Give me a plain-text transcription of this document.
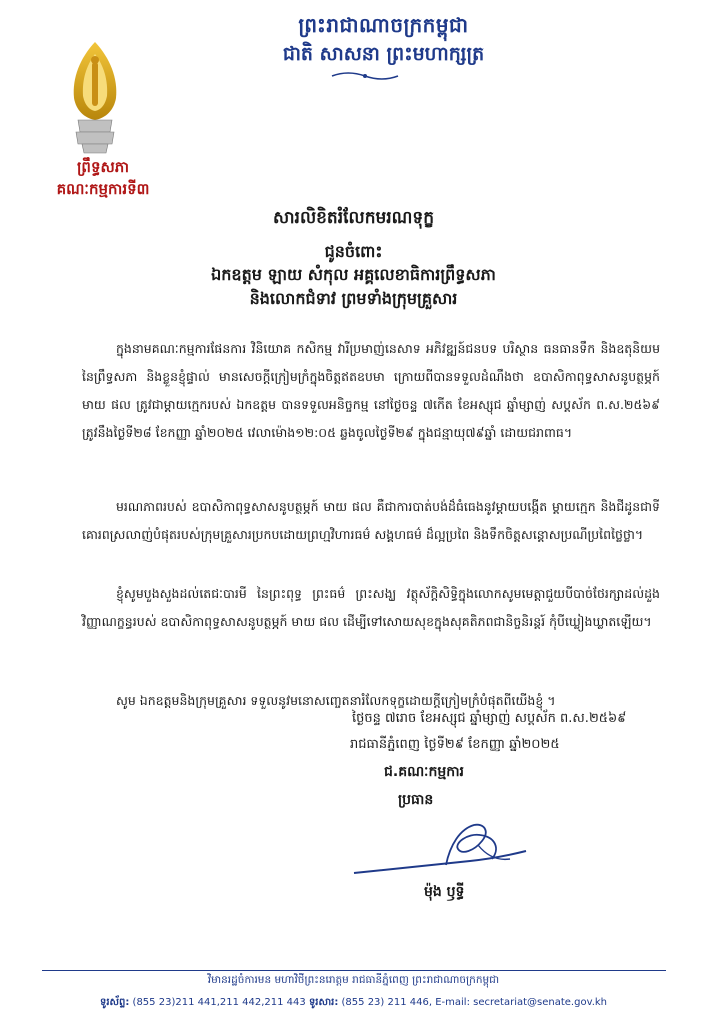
ព្រះរាជាណាចក្រកម្ពុជា
ជាតិ សាសនា ព្រះមហាក្សត្រ
ព្រឹទ្ធសភា
គណៈកម្មការទី៣
សារលិខិតរំលែកមរណទុក្ខ
ជូនចំពោះ
ឯកឧត្តម ឡាយ សំកុល អគ្គលេខាធិការព្រឹទ្ធសភា
និងលោកជំទាវ ព្រមទាំងក្រុមគ្រួសារ

ក្នុងនាមគណៈកម្មការផែនការ វិនិយោគ កសិកម្ម វារីប្រមាញ់នេសាទ អភិវឌ្ឍន៍ជនបទ បរិស្ថាន ធនធានទឹក និងឧតុនិយម នៃព្រឹទ្ធសភា និងខ្លួនខ្ញុំផ្ទាល់ មានសេចក្តីក្រៀមក្រំក្នុងចិត្តឥតឧបមា ក្រោយពីបានទទួលដំណឹងថា ឧបាសិកាពុទ្ធសាសនូបត្ថម្ភក៍ មាយ ផល ត្រូវជាម្តាយក្មេករបស់ ឯកឧត្តម បានទទួលអនិច្ចកម្ម នៅថ្ងៃចន្ទ ៧កើត ខែអស្សុជ ឆ្នាំម្សាញ់ សប្តស័ក ព.ស.២៥៦៩ ត្រូវនឹងថ្ងៃទី២៨ ខែកញ្ញា ឆ្នាំ២០២៥ វេលាម៉ោង១២:០៥ ឆ្លងចូលថ្ងៃទី២៩ ក្នុងជន្មាយុ៧៩ឆ្នាំ ដោយជរាពាធ។

មរណភាពរបស់ ឧបាសិកាពុទ្ធសាសនូបត្ថម្ភក៍ មាយ ផល គឺជាការបាត់បង់ដ៏ធំធេងនូវម្តាយបង្កើត ម្តាយក្មេក និងជីដូនជាទីគោរពស្រលាញ់បំផុតរបស់ក្រុមគ្រួសារប្រកបដោយព្រហ្មវិហារធម៌ សង្គហធម៌ ដ៏ល្អប្រពៃ និងទឹកចិត្តសន្តោសប្រណីប្រពៃថ្លៃថ្លា។

ខ្ញុំសូមបួងសួងដល់តេជៈបារមី នៃព្រះពុទ្ធ ព្រះធម៌ ព្រះសង្ឃ វត្ថុស័ក្តិសិទ្ធិក្នុងលោកសូមមេត្តាជួយបីបាច់ថែរក្សាដល់ដួងវិញ្ញាណក្ខន្ធរបស់ ឧបាសិកាពុទ្ធសាសនូបត្ថម្ភក៍ មាយ ផល ដើម្បីទៅសោយសុខក្នុងសុគតិភពជានិច្ចនិរន្តរ៍ កុំបីឃ្លៀងឃ្លាតឡើយ។

សូម ឯកឧត្តមនិងក្រុមគ្រួសារ ទទួលនូវមនោសញ្ចេតនារំលែកទុក្ខដោយក្តីក្រៀមក្រំបំផុតពីយើងខ្ញុំ ។

ថ្ងៃចន្ទ ៧រោច ខែអស្សុជ ឆ្នាំម្សាញ់ សប្តស័ក ព.ស.២៥៦៩
រាជធានីភ្នំពេញ ថ្ងៃទី២៩ ខែកញ្ញា ឆ្នាំ២០២៥
ជ.គណៈកម្មការ
ប្រធាន
ម៉ុង ឫទ្ធី
វិមានរដ្ឋចំការមន មហាវិថីព្រះនរោត្តម រាជធានីភ្នំពេញ ព្រះរាជាណាចក្រកម្ពុជា
ទូរស័ព្ទ: (855 23)211 441,211 442,211 443 ទូរសារ: (855 23) 211 446, E-mail: secretariat@senate.gov.kh
